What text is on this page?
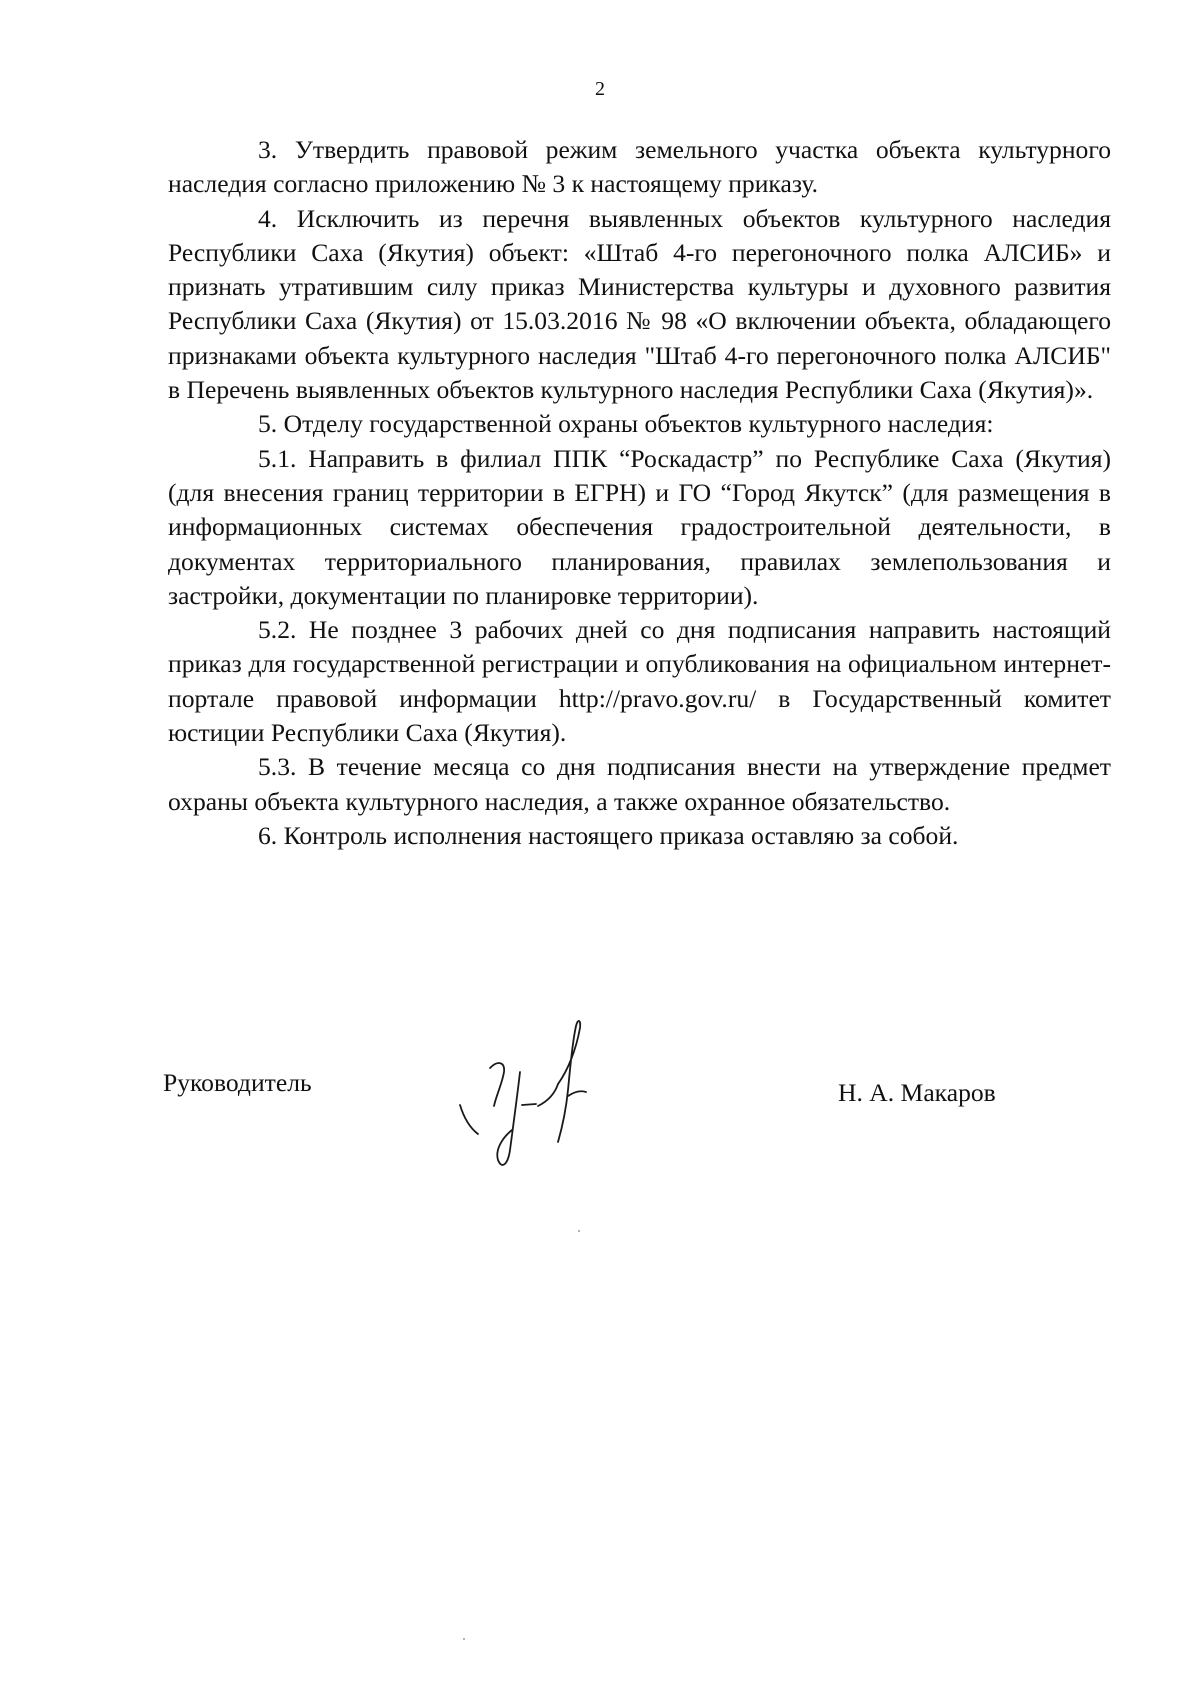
2

3. Утвердить правовой режим земельного участка объекта культурного наследия согласно приложению № 3 к настоящему приказу.

4. Исключить из перечня выявленных объектов культурного наследия Республики Саха (Якутия) объект: «Штаб 4-го перегоночного полка АЛСИБ» и признать утратившим силу приказ Министерства культуры и духовного развития Республики Саха (Якутия) от 15.03.2016 № 98 «О включении объекта, обладающего признаками объекта культурного наследия "Штаб 4-го перегоночного полка АЛСИБ" в Перечень выявленных объектов культурного наследия Республики Саха (Якутия)».

5. Отделу государственной охраны объектов культурного наследия:

5.1. Направить в филиал ППК “Роскадастр” по Республике Саха (Якутия) (для внесения границ территории в ЕГРН) и ГО “Город Якутск” (для размещения в информационных системах обеспечения градостроительной деятельности, в документах территориального планирования, правилах землепользования и застройки, документации по планировке территории).

5.2. Не позднее 3 рабочих дней со дня подписания направить настоящий приказ для государственной регистрации и опубликования на официальном интернет-портале правовой информации http://pravo.gov.ru/ в Государственный комитет юстиции Республики Саха (Якутия).

5.3. В течение месяца со дня подписания внести на утверждение предмет охраны объекта культурного наследия, а также охранное обязательство.

6. Контроль исполнения настоящего приказа оставляю за собой.

Руководитель	Н. А. Макаров
